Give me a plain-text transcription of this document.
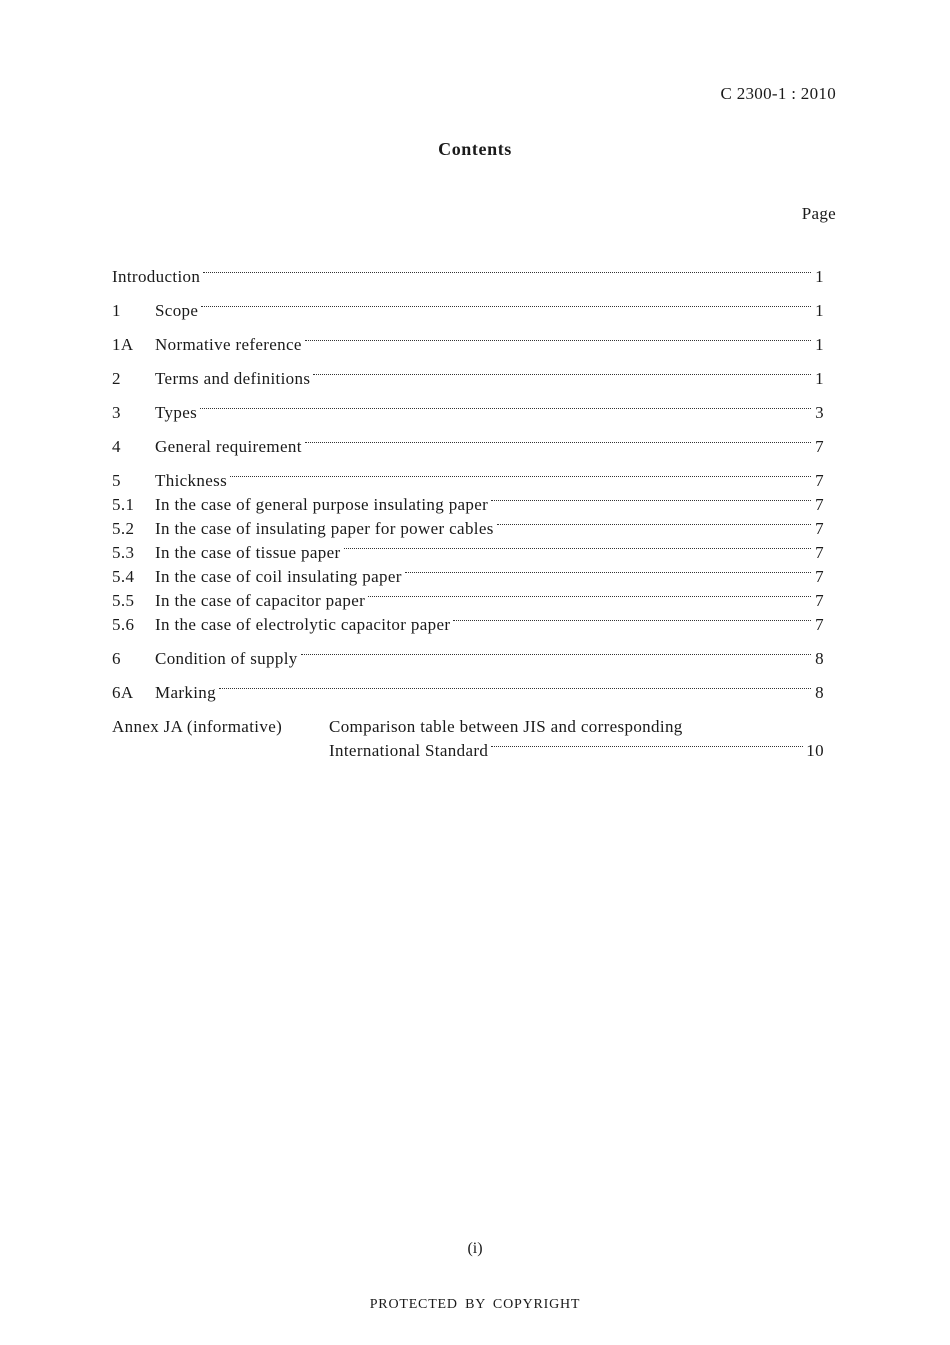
C 2300-1 : 2010
Contents
Page
Introduction	1
1	Scope	1
1A	Normative reference	1
2	Terms and definitions	1
3	Types	3
4	General requirement	7
5	Thickness	7
5.1	In the case of general purpose insulating paper	7
5.2	In the case of insulating paper for power cables	7
5.3	In the case of tissue paper	7
5.4	In the case of coil insulating paper	7
5.5	In the case of capacitor paper	7
5.6	In the case of electrolytic capacitor paper	7
6	Condition of supply	8
6A	Marking	8
Annex JA (informative)	Comparison table between JIS and corresponding
International Standard	10
(i)
PROTECTED BY COPYRIGHT
